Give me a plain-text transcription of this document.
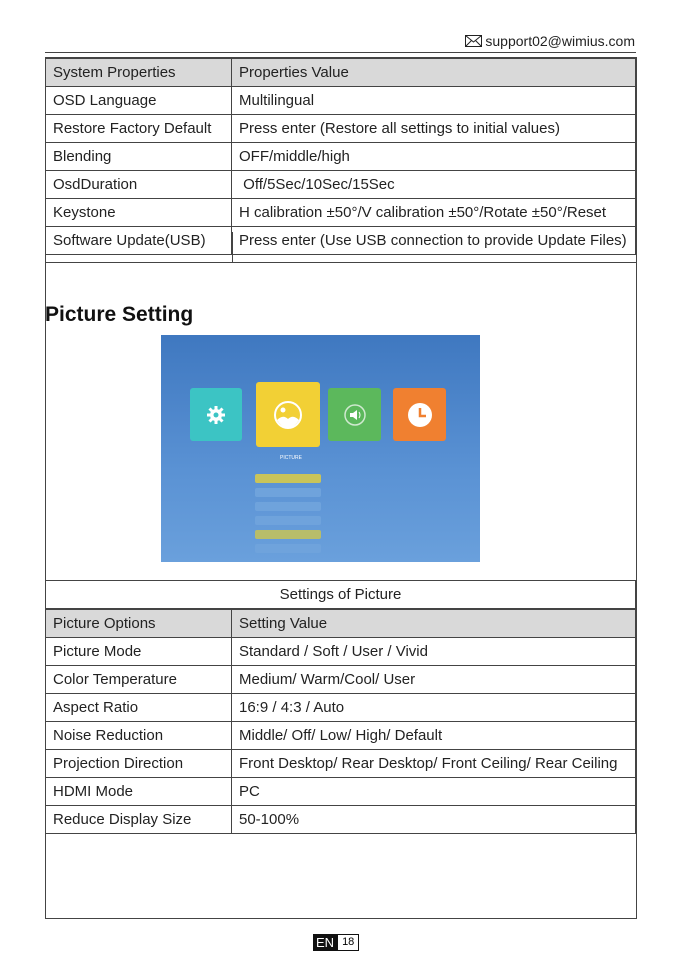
support02@wimius.com
System Properties	Properties Value
OSD Language	Multilingual
Restore Factory Default	Press enter (Restore all settings to initial values)
Blending	OFF/middle/high
OsdDuration	Off/5Sec/10Sec/15Sec
Keystone	H calibration ±50°/V calibration ±50°/Rotate ±50°/Reset
Software Update(USB)	Press enter (Use USB connection to provide Update Files)
Picture Setting
PICTURE
Settings of Picture
Picture Options	Setting Value
Picture Mode	Standard / Soft / User / Vivid
Color Temperature	Medium/ Warm/Cool/ User
Aspect Ratio	16:9 / 4:3 / Auto
Noise Reduction	Middle/ Off/ Low/ High/ Default
Projection Direction	Front Desktop/ Rear Desktop/ Front Ceiling/ Rear Ceiling
HDMI Mode	PC
Reduce Display Size	50-100%
EN 18
